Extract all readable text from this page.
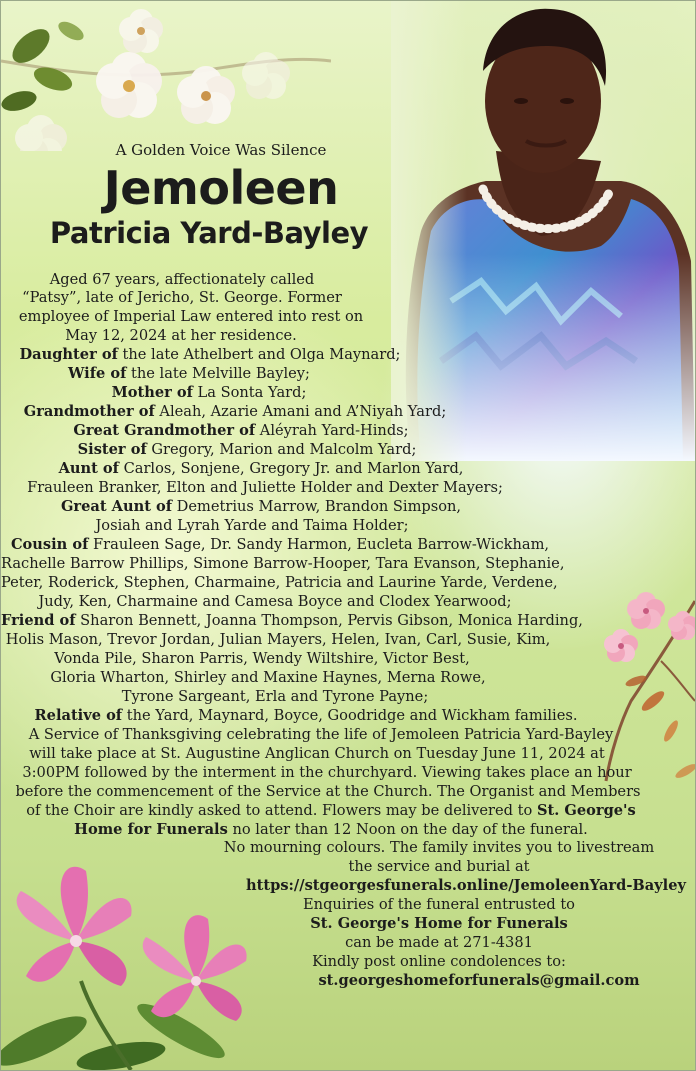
A Golden Voice Was Silence
Jemoleen
Patricia Yard-Bayley
Aged 67 years, affectionately called
“Patsy”, late of Jericho, St. George. Former
employee of Imperial Law entered into rest on
May 12, 2024 at her residence.
Daughter of the late Athelbert and Olga Maynard;
Wife of the late Melville Bayley;
Mother of La Sonta Yard;
Grandmother of Aleah, Azarie Amani and A’Niyah Yard;
Great Grandmother of Aléyrah Yard-Hinds;
Sister of Gregory, Marion and Malcolm Yard;
Aunt of Carlos, Sonjene, Gregory Jr. and Marlon Yard,
Frauleen Branker, Elton and Juliette Holder and Dexter Mayers;
Great Aunt of Demetrius Marrow, Brandon Simpson,
Josiah and Lyrah Yarde and Taima Holder;
Cousin of Frauleen Sage, Dr. Sandy Harmon, Eucleta Barrow-Wickham,
Rachelle Barrow Phillips, Simone Barrow-Hooper, Tara Evanson, Stephanie,
Peter, Roderick, Stephen, Charmaine, Patricia and Laurine Yarde, Verdene,
Judy, Ken, Charmaine and Camesa Boyce and Clodex Yearwood;
Friend of Sharon Bennett, Joanna Thompson, Pervis Gibson, Monica Harding,
Holis Mason, Trevor Jordan, Julian Mayers, Helen, Ivan, Carl, Susie, Kim,
Vonda Pile, Sharon Parris, Wendy Wiltshire, Victor Best,
Gloria Wharton, Shirley and Maxine Haynes, Merna Rowe,
Tyrone Sargeant, Erla and Tyrone Payne;
Relative of the Yard, Maynard, Boyce, Goodridge and Wickham families.
A Service of Thanksgiving celebrating the life of Jemoleen Patricia Yard-Bayley
will take place at St. Augustine Anglican Church on Tuesday June 11, 2024 at
3:00PM followed by the interment in the churchyard. Viewing takes place an hour
before the commencement of the Service at the Church. The Organist and Members
of the Choir are kindly asked to attend. Flowers may be delivered to St. George's
Home for Funerals no later than 12 Noon on the day of the funeral.
No mourning colours. The family invites you to livestream
the service and burial at
https://stgeorgesfunerals.online/JemoleenYard-Bayley
Enquiries of the funeral entrusted to
St. George's Home for Funerals
can be made at 271-4381
Kindly post online condolences to:
st.georgeshomeforfunerals@gmail.com
